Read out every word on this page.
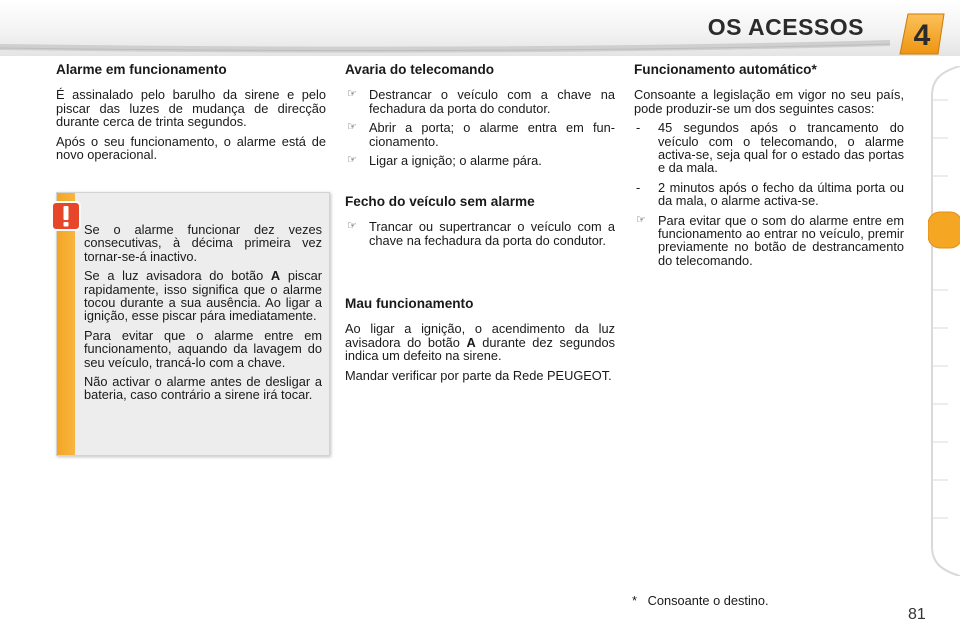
OS ACESSOS 4
Alarme em funcionamento

É assinalado pelo barulho da sirene e pelo piscar das luzes de mudança de direcção durante cerca de trinta segundos.

Após o seu funcionamento, o alarme está de novo operacional.

Se o alarme funcionar dez vezes consecutivas, à décima primeira vez tornar-se-á inactivo.

Se a luz avisadora do botão A piscar rapidamente, isso significa que o alarme tocou durante a sua ausência. Ao ligar a ignição, esse piscar pára imediatamente.

Para evitar que o alarme entre em funcionamento, aquando da lavagem do seu veículo, trancá-lo com a chave.

Não activar o alarme antes de desligar a bateria, caso contrário a sirene irá tocar.

Avaria do telecomando
☞ Destrancar o veículo com a chave na fechadura da porta do condutor.
☞ Abrir a porta; o alarme entra em funcionamento.
☞ Ligar a ignição; o alarme pára.
Fecho do veículo sem alarme
☞ Trancar ou supertrancar o veículo com a chave na fechadura da porta do condutor.
Mau funcionamento

Ao ligar a ignição, o acendimento da luz avisadora do botão A durante dez segundos indica um defeito na sirene.

Mandar verificar por parte da Rede PEUGEOT.

Funcionamento automático*

Consoante a legislação em vigor no seu país, pode produzir-se um dos seguintes casos:

- 45 segundos após o trancamento do veículo com o telecomando, o alarme activa-se, seja qual for o estado das portas e da mala.
- 2 minutos após o fecho da última porta ou da mala, o alarme activa-se.
☞ Para evitar que o som do alarme entre em funcionamento ao entrar no veículo, premir previamente no botão de destrancamento do telecomando.
* Consoante o destino.
81
